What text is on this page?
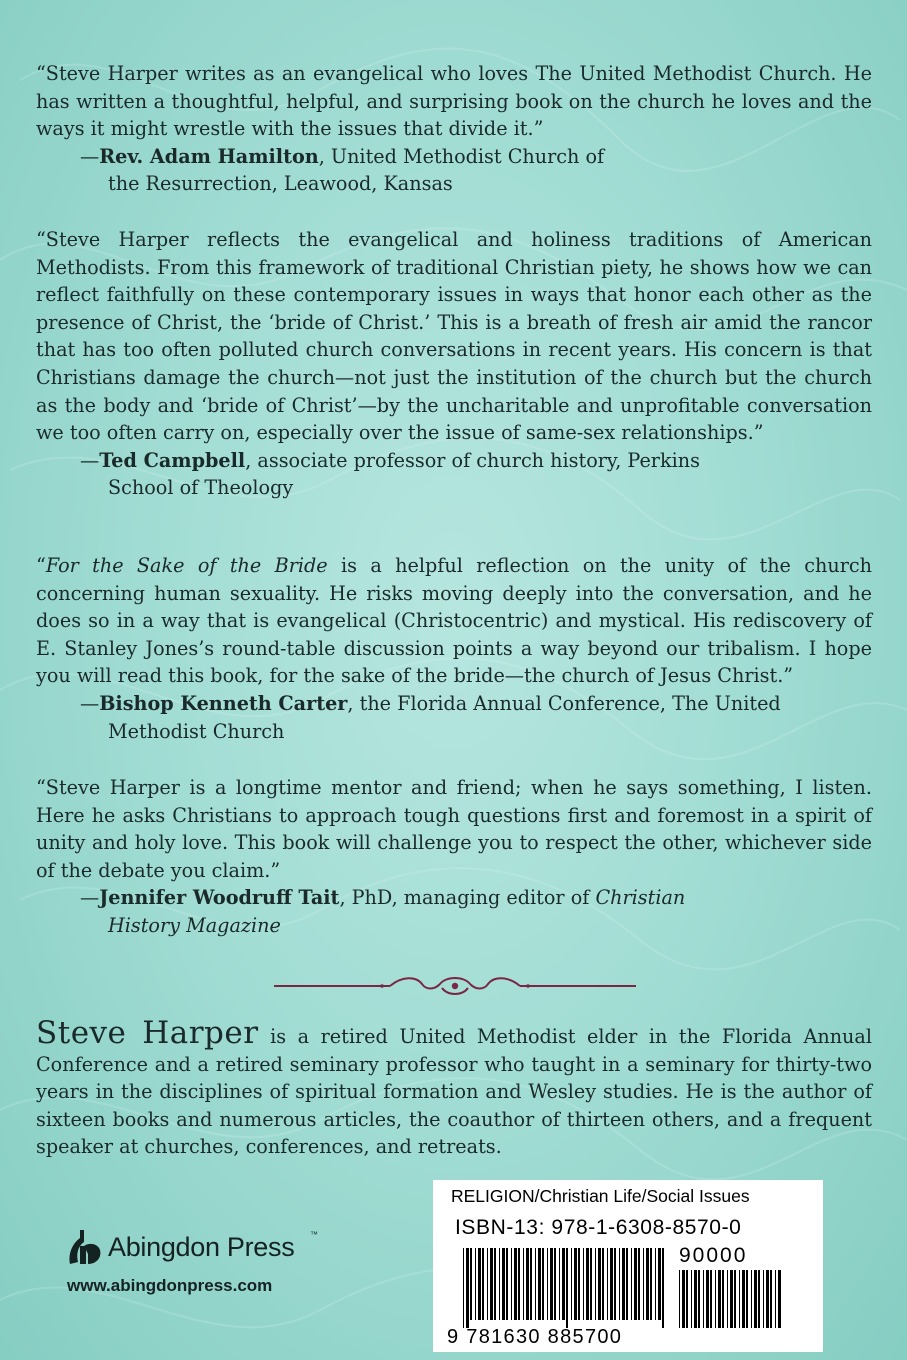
“Steve Harper writes as an evangelical who loves The United Methodist Church. He has written a thoughtful, helpful, and surprising book on the church he loves and the ways it might wrestle with the issues that divide it.”

—Rev. Adam Hamilton, United Methodist Church of
the Resurrection, Leawood, Kansas

“Steve Harper reflects the evangelical and holiness traditions of American Methodists. From this framework of traditional Christian piety, he shows how we can reflect faithfully on these contemporary issues in ways that honor each other as the presence of Christ, the ‘bride of Christ.’ This is a breath of fresh air amid the rancor that has too often polluted church conversations in recent years. His concern is that Christians damage the church—not just the institution of the church but the church as the body and ‘bride of Christ’—by the uncharitable and unprofitable conversation we too often carry on, especially over the issue of same-sex relationships.”

—Ted Campbell, associate professor of church history, Perkins
School of Theology

“For the Sake of the Bride is a helpful reflection on the unity of the church concerning human sexuality. He risks moving deeply into the conversation, and he does so in a way that is evangelical (Christocentric) and mystical. His rediscovery of E. Stanley Jones’s round-table discussion points a way beyond our tribalism. I hope you will read this book, for the sake of the bride—the church of Jesus Christ.”

—Bishop Kenneth Carter, the Florida Annual Conference, The United
Methodist Church

“Steve Harper is a longtime mentor and friend; when he says something, I listen. Here he asks Christians to approach tough questions first and foremost in a spirit of unity and holy love. This book will challenge you to respect the other, whichever side of the debate you claim.”

—Jennifer Woodruff Tait, PhD, managing editor of Christian
History Magazine

Steve Harper is a retired United Methodist elder in the Florida Annual Conference and a retired seminary professor who taught in a seminary for thirty-two years in the disciplines of spiritual formation and Wesley studies. He is the author of sixteen books and numerous articles, the coauthor of thirteen others, and a frequent speaker at churches, conferences, and retreats.
Abingdon Press ™
www.abingdonpress.com
RELIGION/Christian Life/Social Issues
ISBN-13: 978-1-6308-8570-0
90000
9 781630 885700
